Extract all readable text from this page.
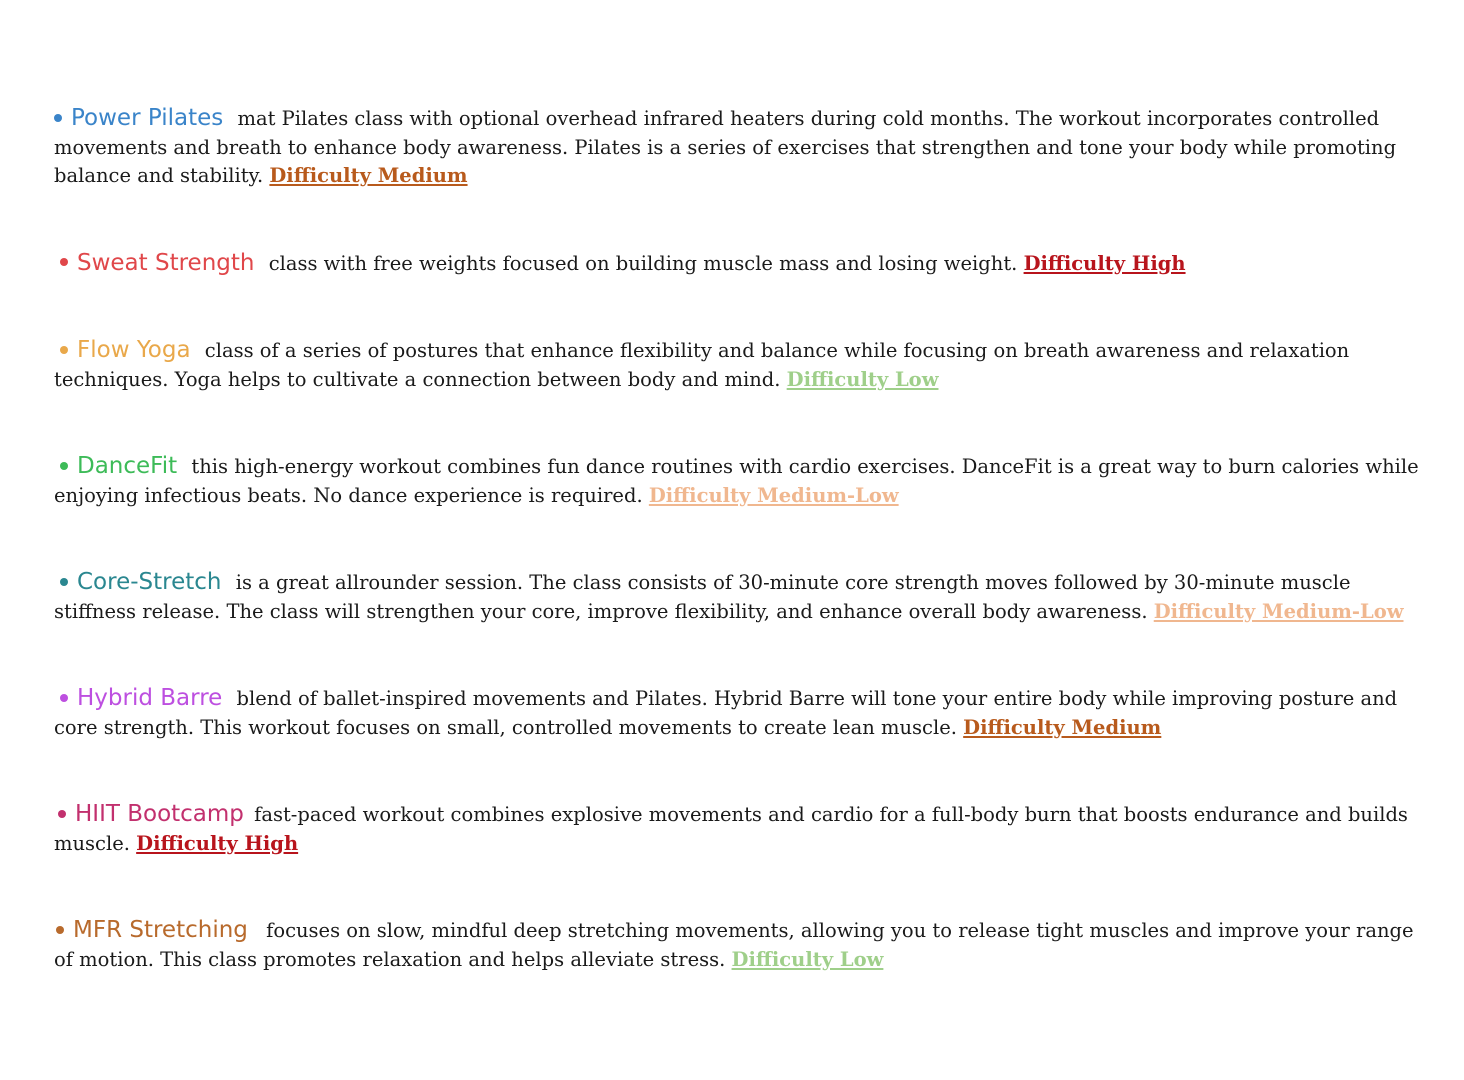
Power Pilates mat Pilates class with optional overhead infrared heaters during cold months. The workout incorporates controlled movements and breath to enhance body awareness. Pilates is a series of exercises that strengthen and tone your body while promoting balance and stability. Difficulty Medium

Sweat Strength class with free weights focused on building muscle mass and losing weight. Difficulty High

Flow Yoga class of a series of postures that enhance flexibility and balance while focusing on breath awareness and relaxation techniques. Yoga helps to cultivate a connection between body and mind. Difficulty Low

DanceFit this high-energy workout combines fun dance routines with cardio exercises. DanceFit is a great way to burn calories while enjoying infectious beats. No dance experience is required. Difficulty Medium-Low

Core-Stretch is a great allrounder session. The class consists of 30-minute core strength moves followed by 30-minute muscle stiffness release. The class will strengthen your core, improve flexibility, and enhance overall body awareness. Difficulty Medium-Low

Hybrid Barre blend of ballet-inspired movements and Pilates. Hybrid Barre will tone your entire body while improving posture and core strength. This workout focuses on small, controlled movements to create lean muscle. Difficulty Medium

HIIT Bootcamp fast-paced workout combines explosive movements and cardio for a full-body burn that boosts endurance and builds muscle. Difficulty High

MFR Stretching focuses on slow, mindful deep stretching movements, allowing you to release tight muscles and improve your range of motion. This class promotes relaxation and helps alleviate stress. Difficulty Low
